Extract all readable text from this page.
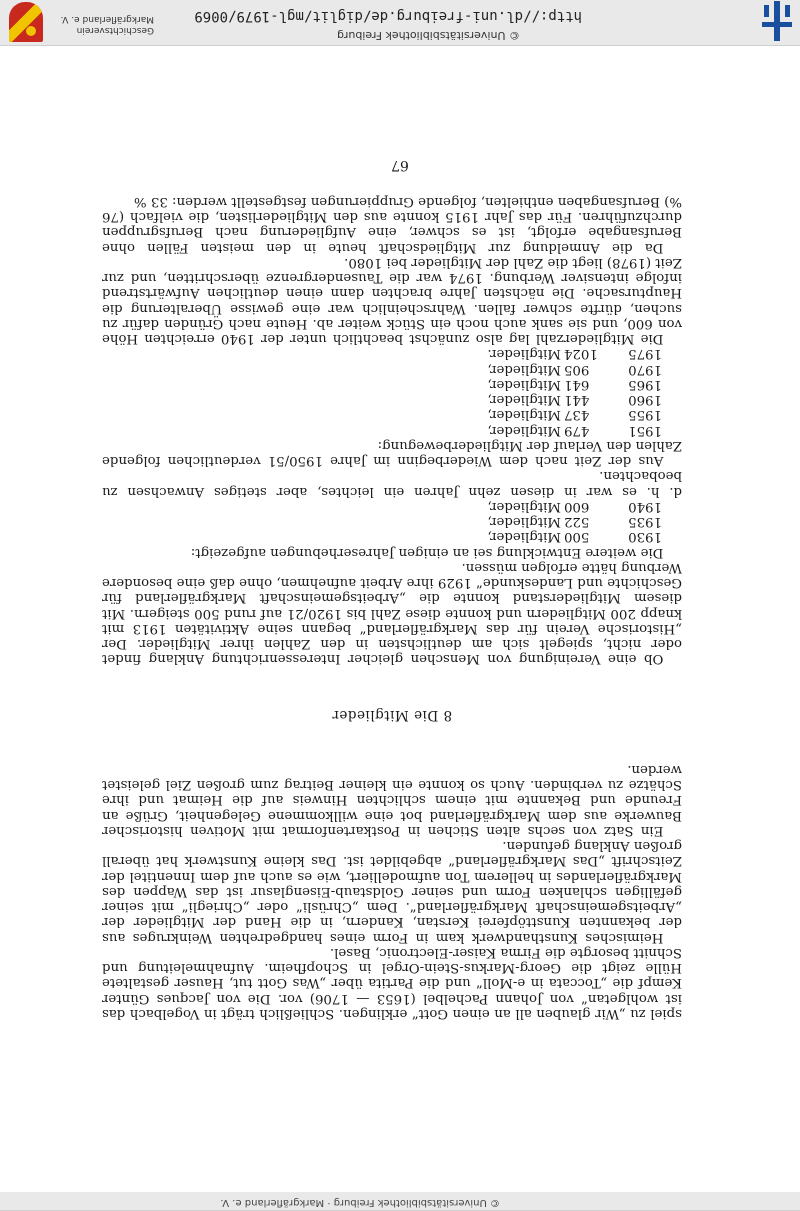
© Universitätsbibliothek Freiburg · Markgräflerland e. V.

spiel zu „Wir glauben all an einen Gott“ erklingen. Schließlich trägt in Vogelbach das ist wohlgetan“ von Johann Pachelbel (1653 — 1706) vor. Die von Jacques Günter Kempf die „Toccata in e-Moll“ und die Partita über „Was Gott tut, Hauser gestaltete Hülle zeigt die Georg-Markus-Stein-Orgel in Schopfheim. Aufnahmeleitung und Schnitt besorgte die Firma Kaiser-Electronic, Basel.

Heimisches Kunsthandwerk kam in Form eines handgedrehten Weinkruges aus der bekannten Kunsttöpferei Kerstan, Kandern, in die Hand der Mitglieder der „Arbeitsgemeinschaft Markgräflerland“. Dem „Chrüsli“ oder „Chriegli“ mit seiner gefälligen schlanken Form und seiner Goldstaub-Eisenglasur ist das Wappen des Markgräflerlandes in hellerem Ton aufmodelliert, wie es auch auf dem Innentitel der Zeitschrift „Das Markgräflerland“ abgebildet ist. Das kleine Kunstwerk hat überall großen Anklang gefunden.

Ein Satz von sechs alten Stichen in Postkartenformat mit Motiven historischer Bauwerke aus dem Markgräflerland bot eine willkommene Gelegenheit, Grüße an Freunde und Bekannte mit einem schlichten Hinweis auf die Heimat und ihre Schätze zu verbinden. Auch so konnte ein kleiner Beitrag zum großen Ziel geleistet werden.

8 Die Mitglieder

Ob eine Vereinigung von Menschen gleicher Interessenrichtung Anklang findet oder nicht, spiegelt sich am deutlichsten in den Zahlen ihrer Mitglieder. Der „Historische Verein für das Markgräflerland“ begann seine Aktivitäten 1913 mit knapp 200 Mitgliedern und konnte diese Zahl bis 1920/21 auf rund 500 steigern. Mit diesem Mitgliederstand konnte die „Arbeitsgemeinschaft Markgräflerland für Geschichte und Landeskunde“ 1929 ihre Arbeit aufnehmen, ohne daß eine besondere Werbung hätte erfolgen müssen.

Die weitere Entwicklung sei an einigen Jahreserhebungen aufgezeigt:

1930	500	Mitglieder,
1935	522	Mitglieder,
1940	600	Mitglieder,

d. h. es war in diesen zehn Jahren ein leichtes, aber stetiges Anwachsen zu beobachten.

Aus der Zeit nach dem Wiederbeginn im Jahre 1950/51 verdeutlichen folgende Zahlen den Verlauf der Mitgliederbewegung:

1951	479	Mitglieder,
1955	437	Mitglieder,
1960	441	Mitglieder,
1965	641	Mitglieder,
1970	905	Mitglieder,
1975	1024	Mitglieder.

Die Mitgliederzahl lag also zunächst beachtlich unter der 1940 erreichten Höhe von 600, und sie sank auch noch ein Stück weiter ab. Heute nach Gründen dafür zu suchen, dürfte schwer fallen. Wahrscheinlich war eine gewisse Überalterung die Hauptursache. Die nächsten Jahre brachten dann einen deutlichen Aufwärtstrend infolge intensiver Werbung. 1974 war die Tausendergrenze überschritten, und zur Zeit (1978) liegt die Zahl der Mitglieder bei 1080.

Da die Anmeldung zur Mitgliedschaft heute in den meisten Fällen ohne Berufsangabe erfolgt, ist es schwer, eine Aufgliederung nach Berufsgruppen durchzuführen. Für das Jahr 1915 konnte aus den Mitgliederlisten, die vielfach (76 %) Berufsangaben enthielten, folgende Gruppierungen festgestellt werden: 33 %

67
© Universitätsbibliothek Freiburg
http://dl.uni-freiburg.de/diglit/mgl-1979/0069
Geschichtsverein
Markgräflerland e. V.
